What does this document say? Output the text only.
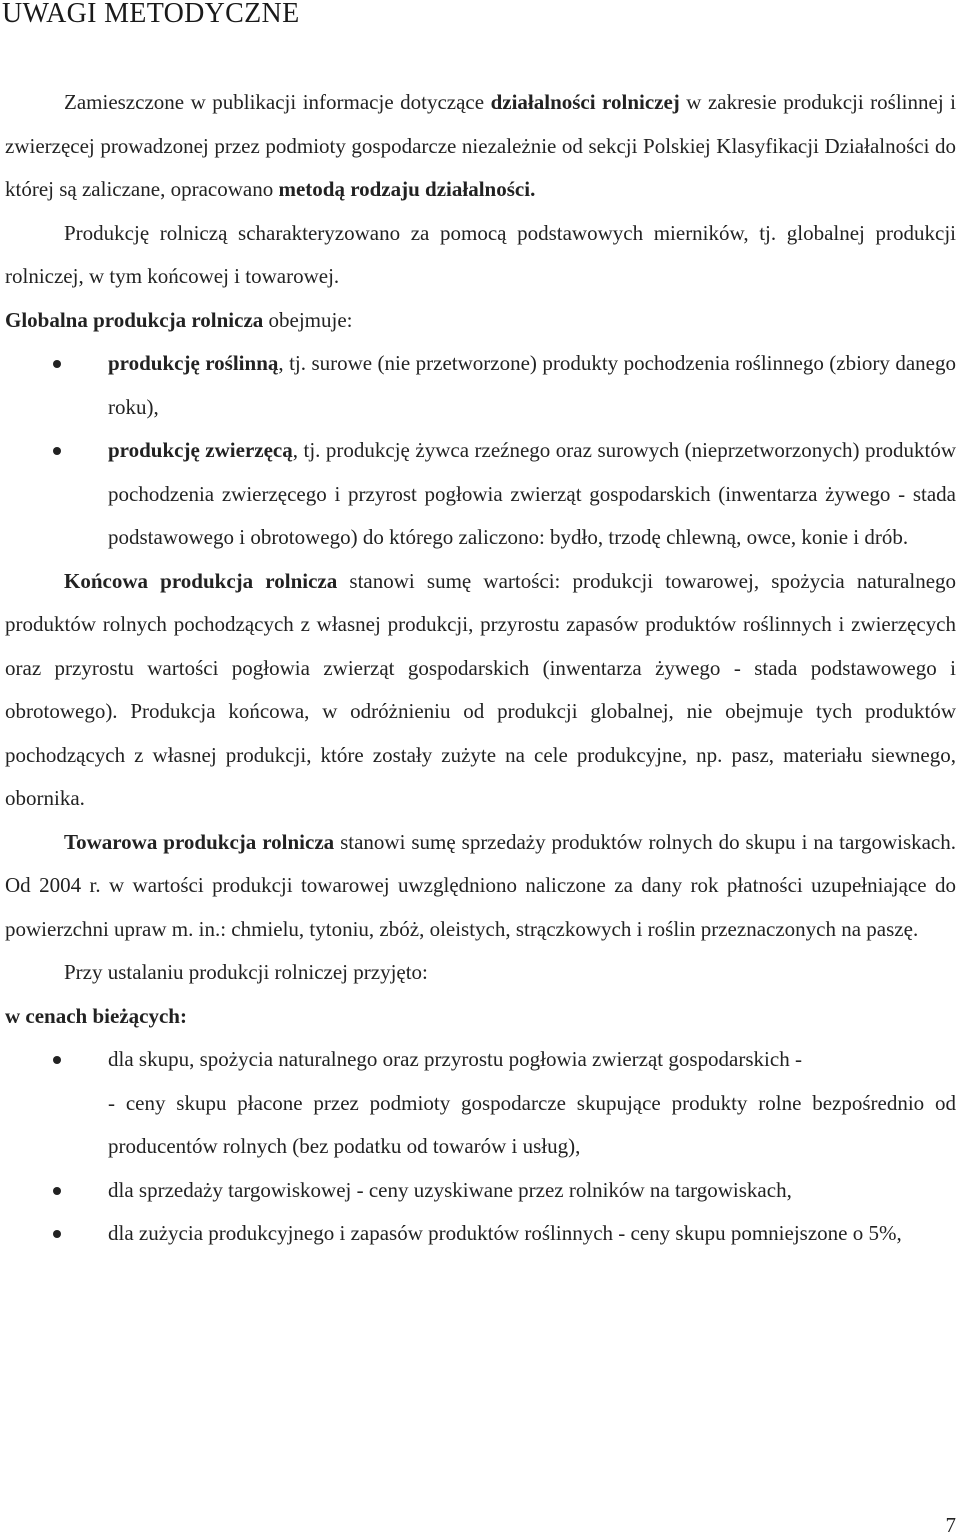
UWAGI METODYCZNE

Zamieszczone w publikacji informacje dotyczące działalności rolniczej w zakresie produkcji roślinnej i zwierzęcej prowadzonej przez podmioty gospodarcze niezależnie od sekcji Polskiej Klasyfikacji Działalności do której są zaliczane, opracowano metodą rodzaju działalności.

Produkcję rolniczą scharakteryzowano za pomocą podstawowych mierników, tj. globalnej produkcji rolniczej, w tym końcowej i towarowej.

Globalna produkcja rolnicza obejmuje:

produkcję roślinną, tj. surowe (nie przetworzone) produkty pochodzenia roślinnego (zbiory danego roku),
produkcję zwierzęcą, tj. produkcję żywca rzeźnego oraz surowych (nieprzetworzonych) produktów pochodzenia zwierzęcego i przyrost pogłowia zwierząt gospodarskich (inwentarza żywego - stada podstawowego i obrotowego) do którego zaliczono: bydło, trzodę chlewną, owce, konie i drób.

Końcowa produkcja rolnicza stanowi sumę wartości: produkcji towarowej, spożycia naturalnego produktów rolnych pochodzących z własnej produkcji, przyrostu zapasów produktów roślinnych i zwierzęcych oraz przyrostu wartości pogłowia zwierząt gospodarskich (inwentarza żywego - stada podstawowego i obrotowego). Produkcja końcowa, w odróżnieniu od produkcji globalnej, nie obejmuje tych produktów pochodzących z własnej produkcji, które zostały zużyte na cele produkcyjne, np. pasz, materiału siewnego, obornika.

Towarowa produkcja rolnicza stanowi sumę sprzedaży produktów rolnych do skupu i na targowiskach. Od 2004 r. w wartości produkcji towarowej uwzględniono naliczone za dany rok płatności uzupełniające do powierzchni upraw m. in.: chmielu, tytoniu, zbóż, oleistych, strączkowych i roślin przeznaczonych na paszę.

Przy ustalaniu produkcji rolniczej przyjęto:

w cenach bieżących:

dla skupu, spożycia naturalnego oraz przyrostu pogłowia zwierząt gospodarskich -
- ceny skupu płacone przez podmioty gospodarcze skupujące produkty rolne bezpośrednio od producentów rolnych (bez podatku od towarów i usług),
dla sprzedaży targowiskowej - ceny uzyskiwane przez rolników na targowiskach,
dla zużycia produkcyjnego i zapasów produktów roślinnych - ceny skupu pomniejszone o 5%,
7
